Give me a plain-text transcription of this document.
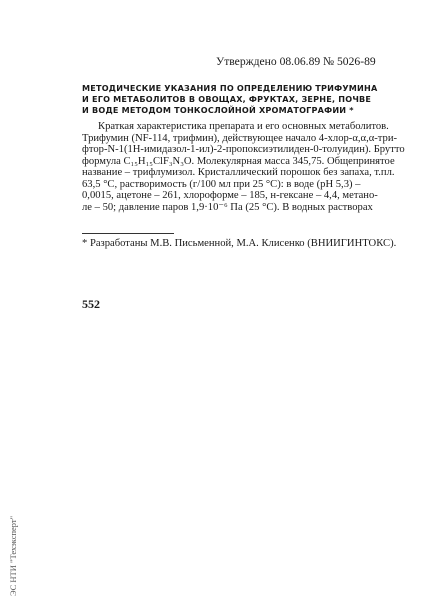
Утверждено 08.06.89 № 5026-89
МЕТОДИЧЕСКИЕ УКАЗАНИЯ ПО ОПРЕДЕЛЕНИЮ ТРИФУМИНА
И ЕГО МЕТАБОЛИТОВ В ОВОЩАХ, ФРУКТАХ, ЗЕРНЕ, ПОЧВЕ
И ВОДЕ МЕТОДОМ ТОНКОСЛОЙНОЙ ХРОМАТОГРАФИИ *
Краткая характеристика препарата и его основных метаболитов.
Трифумин (NF-114, трифмин), действующее начало 4-хлор-α,α,α-три-
фтор-N-1(1Н-имидазол-1-ил)-2-пропоксиэтилиден-0-толуидин). Брутто
формула C₁₅H₁₅ClF₃N₃O. Молекулярная масса 345,75. Общепринятое
название – трифлумизол. Кристаллический порошок без запаха, т.пл.
63,5 °С, растворимость (г/100 мл при 25 °С): в воде (pH 5,3) –
0,0015, ацетоне – 261, хлороформе – 185, н-гексане – 4,4, метано-
ле – 50; давление паров 1,9·10⁻⁶ Па (25 °С). В водных растворах
* Разработаны М.В. Письменной, М.А. Клисенко (ВНИИГИНТОКС).
552
ЭС НТИ "Техэксперт"
